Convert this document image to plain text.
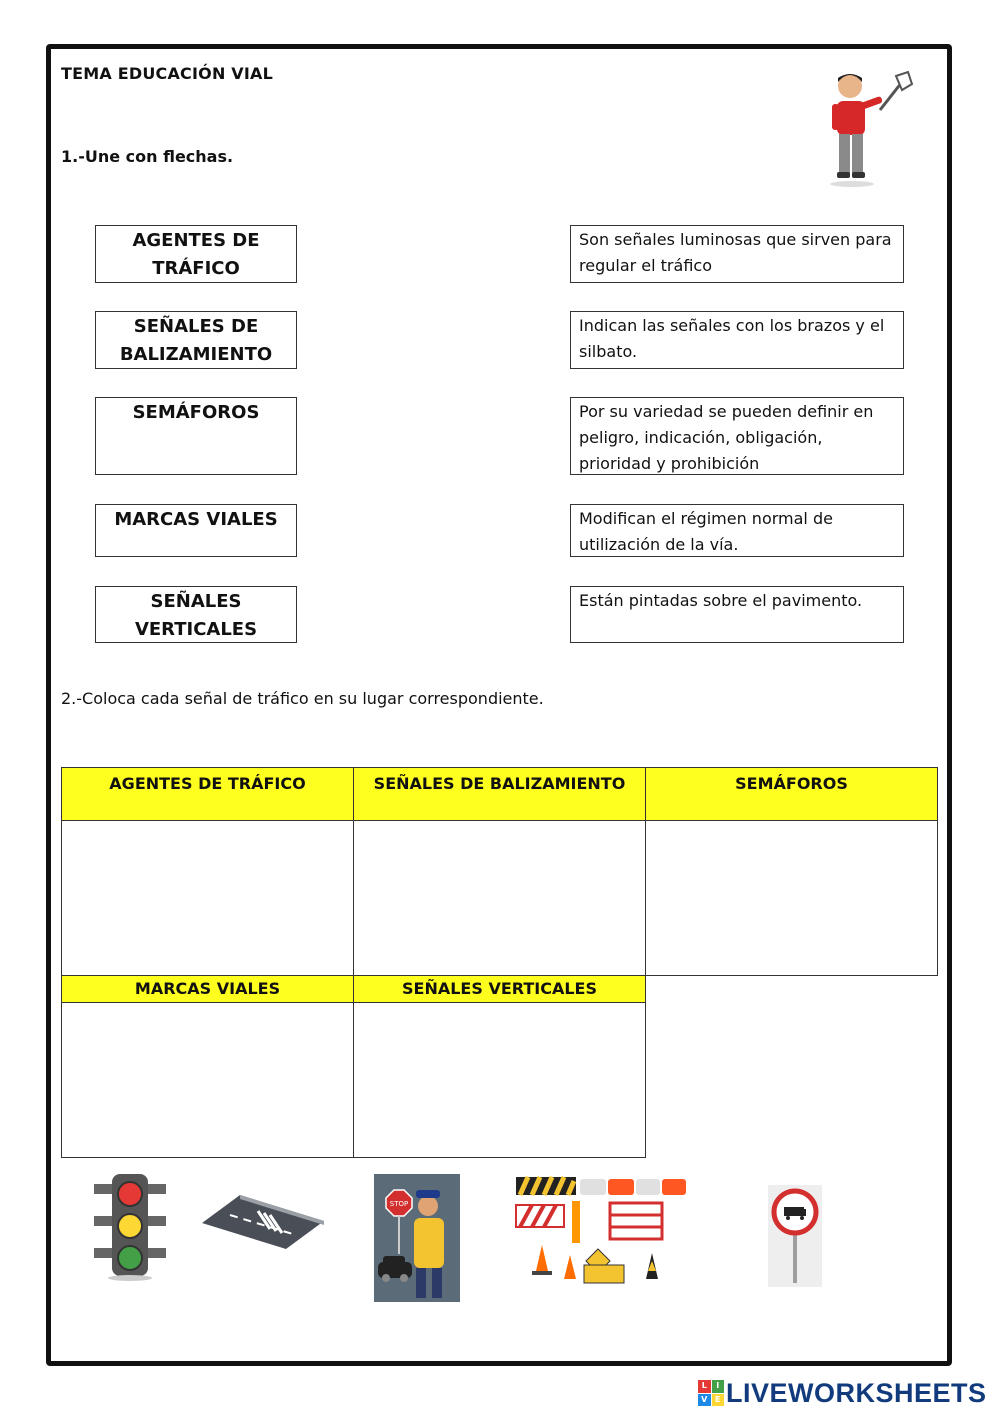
TEMA EDUCACIÓN VIAL
1.-Une con flechas.
AGENTES DE TRÁFICO
SEÑALES DE BALIZAMIENTO
SEMÁFOROS
MARCAS VIALES
SEÑALES VERTICALES
Son señales luminosas que sirven para regular el tráfico
Indican las señales con los brazos y el silbato.
Por su variedad se pueden definir en peligro, indicación, obligación, prioridad y prohibición
Modifican el régimen normal de utilización de la vía.
Están pintadas sobre el pavimento.
2.-Coloca cada señal de tráfico en su lugar correspondiente.
AGENTES DE TRÁFICO	SEÑALES DE BALIZAMIENTO	SEMÁFOROS

MARCAS VIALES	SEÑALES VERTICALES	

STOP
L	I
V E LIVEWORKSHEETS
